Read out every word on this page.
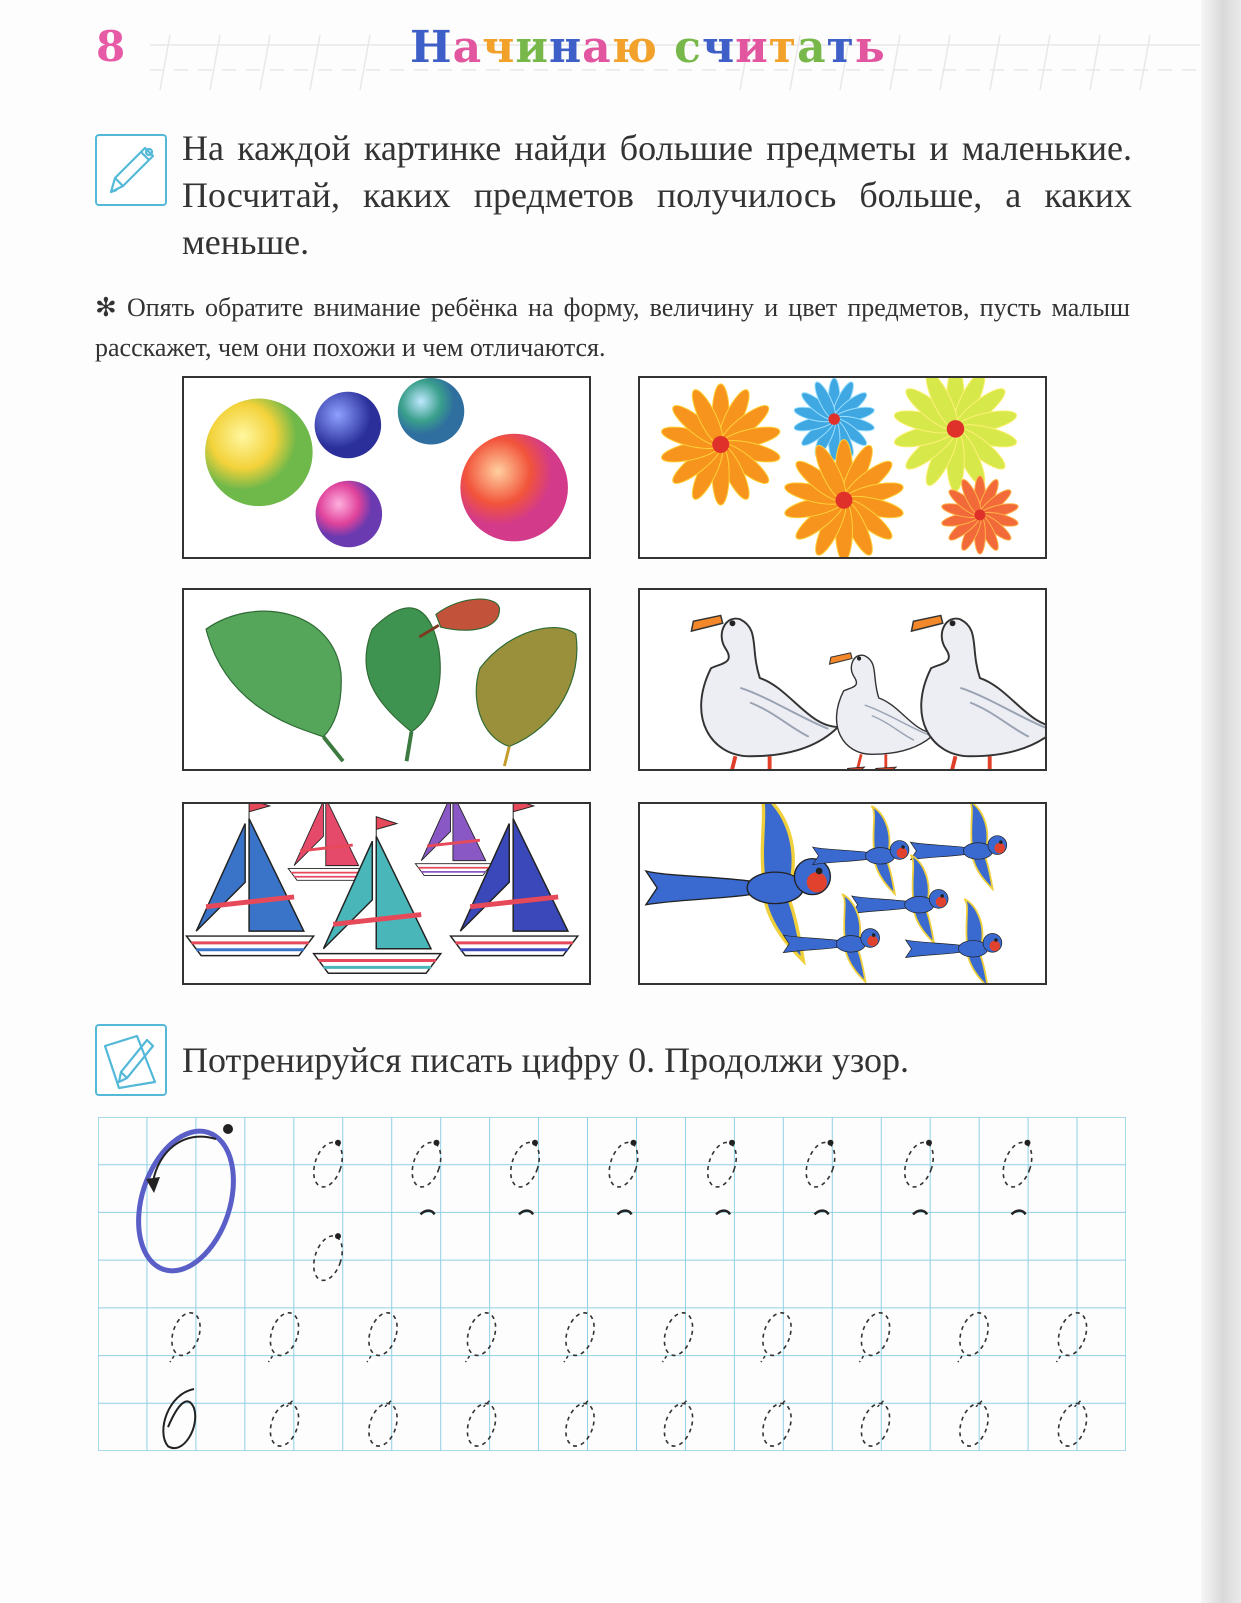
8	Начинаю считать

На каждой картинке найди большие предметы и маленькие. Посчитай, каких предметов получилось больше, а каких меньше.

✻ Опять обратите внимание ребёнка на форму, величину и цвет предметов, пусть малыш расскажет, чем они похожи и чем отличаются.

Потренируйся писать цифру 0. Продолжи узор.
